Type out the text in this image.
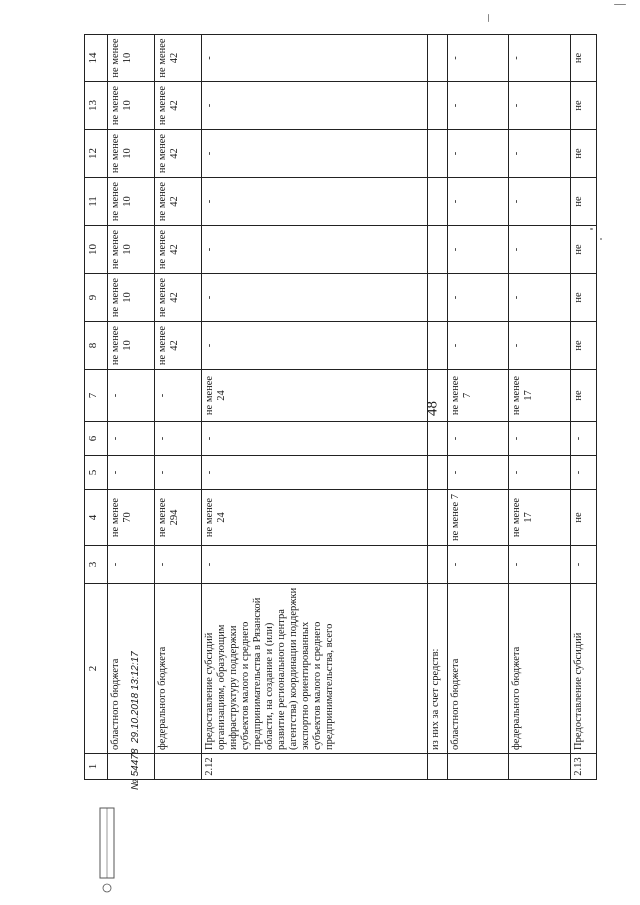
48
1	2	3	4	5	6	7	8	9	10	11	12	13	14
	областного бюджета	-	не менее 70	-	-	-	не менее 10	не менее 10	не менее 10	не менее 10	не менее 10	не менее 10	не менее 10
	федерального бюджета	-	не менее 294	-	-	-	не менее 42	не менее 42	не менее 42	не менее 42	не менее 42	не менее 42	не менее 42
2.12	Предоставление субсидий организациям, образующим инфраструктуру поддержки субъектов малого и среднего предпринимательства в Рязанской области, на создание и (или) развитие регионального центра (агентства) координации поддержки экспортно ориентированных субъектов малого и среднего предпринимательства, всего	-	не менее 24	-	-	не менее 24	-	-	-	-	-	-	-
	из них за счет средств:												
	областного бюджета	-	не менее 7	-	-	не менее 7	-	-	-	-	-	-	-
	федерального бюджета	-	не менее 17	-	-	не менее 17	-	-	-	-	-	-	-
2.13	Предоставление субсидий	-	не	-	-	не	не	не	не	не	не	не	не
№ 54478  29.10.2018 13:12:17
